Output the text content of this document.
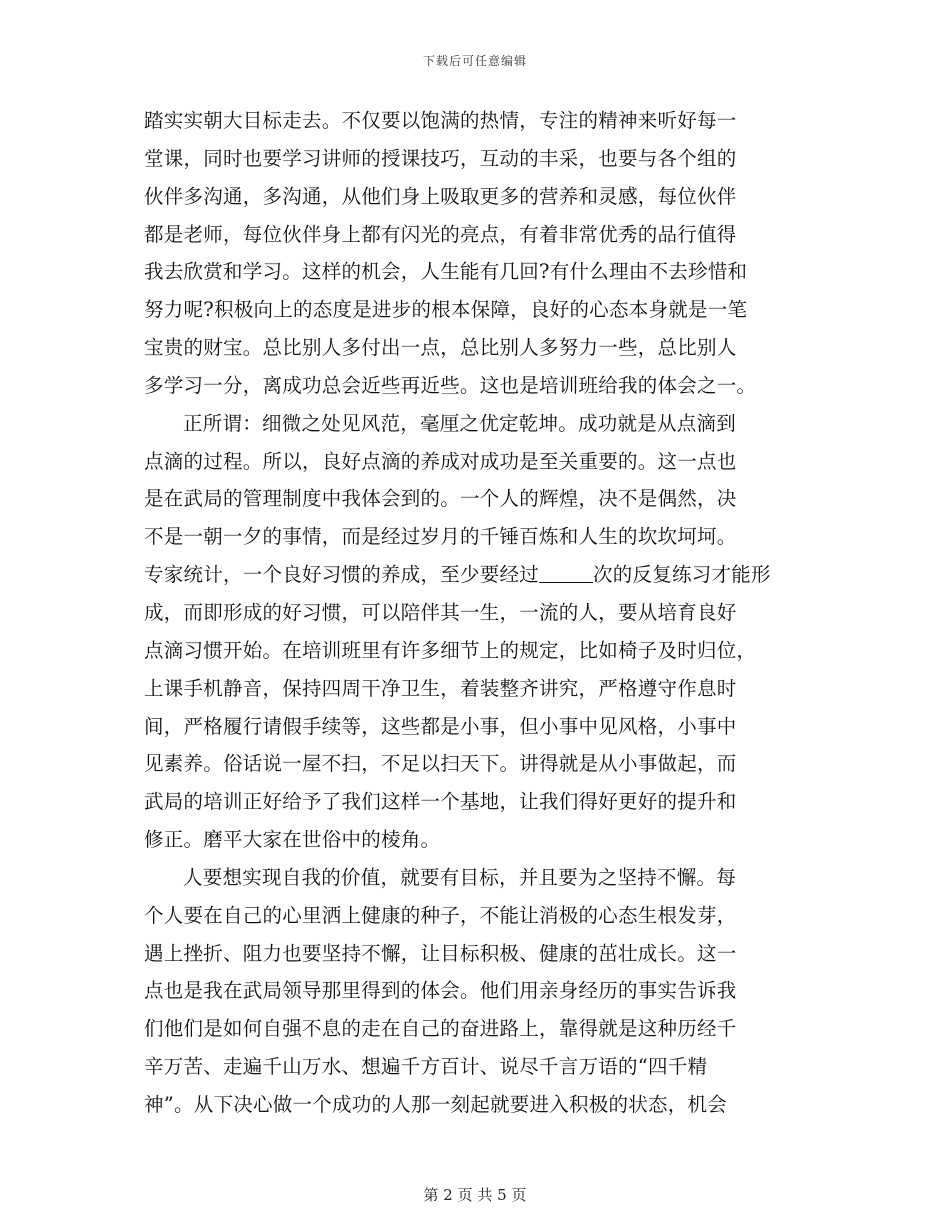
下载后可任意编辑
踏实实朝大目标走去。不仅要以饱满的热情，专注的精神来听好每一
堂课，同时也要学习讲师的授课技巧，互动的丰采，也要与各个组的
伙伴多沟通，多沟通，从他们身上吸取更多的营养和灵感，每位伙伴
都是老师，每位伙伴身上都有闪光的亮点，有着非常优秀的品行值得
我去欣赏和学习。这样的机会，人生能有几回?有什么理由不去珍惜和
努力呢?积极向上的态度是进步的根本保障，良好的心态本身就是一笔
宝贵的财宝。总比别人多付出一点，总比别人多努力一些，总比别人
多学习一分，离成功总会近些再近些。这也是培训班给我的体会之一。
正所谓：细微之处见风范，毫厘之优定乾坤。成功就是从点滴到
点滴的过程。所以，良好点滴的养成对成功是至关重要的。这一点也
是在武局的管理制度中我体会到的。一个人的辉煌，决不是偶然，决
不是一朝一夕的事情，而是经过岁月的千锤百炼和人生的坎坎坷坷。
专家统计，一个良好习惯的养成，至少要经过	次的反复练习才能形
成，而即形成的好习惯，可以陪伴其一生，一流的人，要从培育良好
点滴习惯开始。在培训班里有许多细节上的规定，比如椅子及时归位，
上课手机静音，保持四周干净卫生，着装整齐讲究，严格遵守作息时
间，严格履行请假手续等，这些都是小事，但小事中见风格，小事中
见素养。俗话说一屋不扫，不足以扫天下。讲得就是从小事做起，而
武局的培训正好给予了我们这样一个基地，让我们得好更好的提升和
修正。磨平大家在世俗中的棱角。
人要想实现自我的价值，就要有目标，并且要为之坚持不懈。每
个人要在自己的心里洒上健康的种子，不能让消极的心态生根发芽，
遇上挫折、阻力也要坚持不懈，让目标积极、健康的茁壮成长。这一
点也是我在武局领导那里得到的体会。他们用亲身经历的事实告诉我
们他们是如何自强不息的走在自己的奋进路上，靠得就是这种历经千
辛万苦、走遍千山万水、想遍千方百计、说尽千言万语的“四千精
神”。从下决心做一个成功的人那一刻起就要进入积极的状态，机会
第 2 页 共 5 页
